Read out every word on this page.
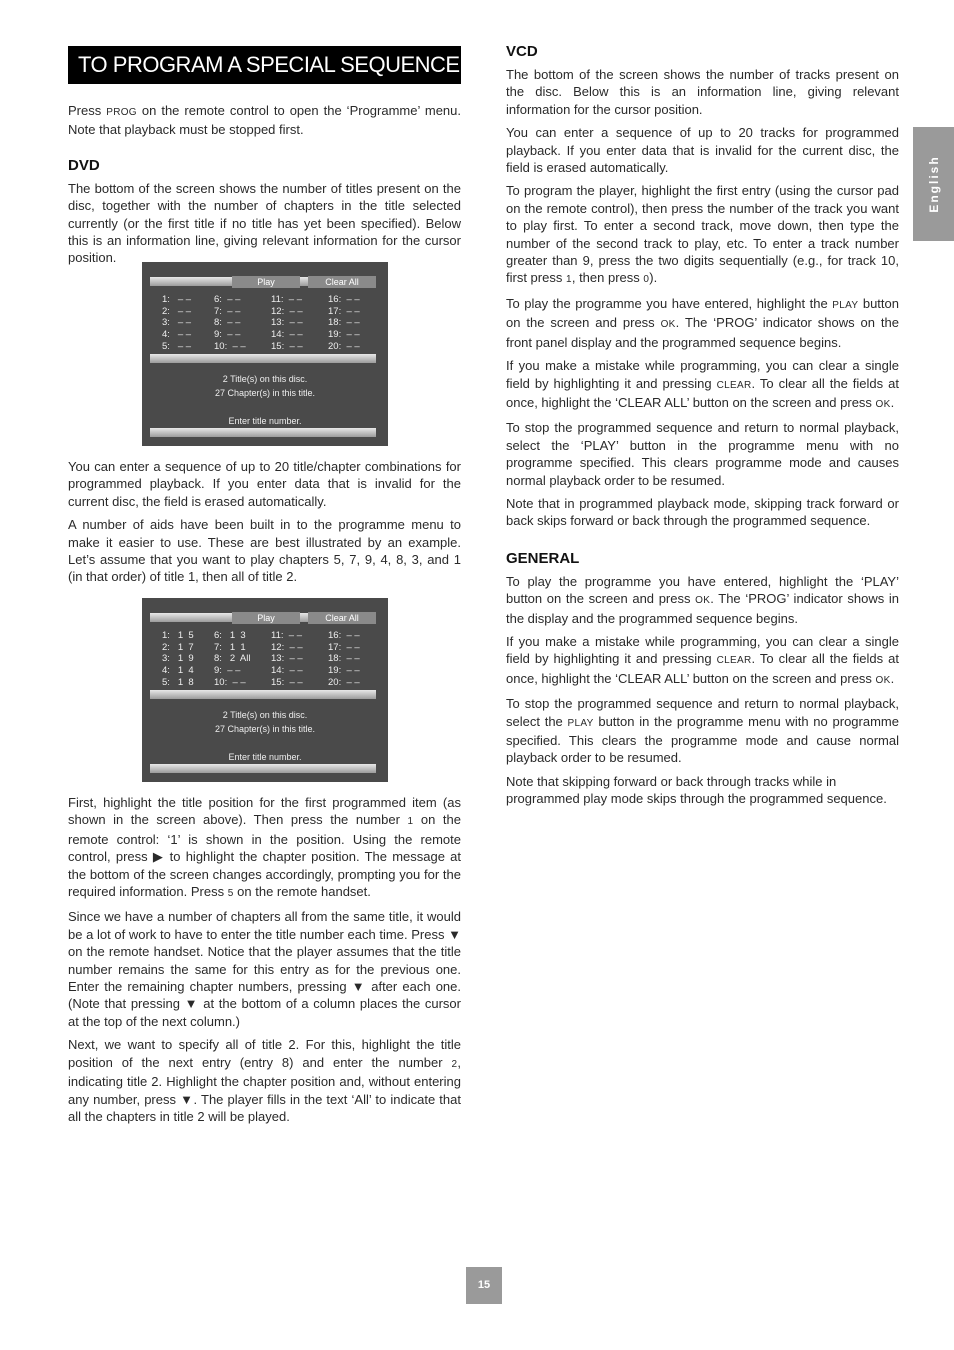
TO PROGRAM A SPECIAL SEQUENCE

Press PROG on the remote control to open the ‘Programme’ menu. Note that playback must be stopped first.

DVD

The bottom of the screen shows the number of titles present on the disc, together with the number of chapters in the title selected currently (or the first title if no title has yet been specified). Below this is an information line, giving relevant information for the cursor position.

Play	Clear All
1:   – –
2:   – –
3:   – –
4:   – –
5:   – –
6:  – –
7:  – –
8:  – –
9:  – –
10:  – –
11:  – –
12:  – –
13:  – –
14:  – –
15:  – –
16:  – –
17:  – –
18:  – –
19:  – –
20:  – –
2 Title(s) on this disc.
27 Chapter(s) in this title.
Enter title number.

You can enter a sequence of up to 20 title/chapter combinations for programmed playback. If you enter data that is invalid for the current disc, the field is erased automatically.

A number of aids have been built in to the programme menu to make it easier to use. These are best illustrated by an example. Let’s assume that you want to play chapters 5, 7, 9, 4, 8, 3, and 1 (in that order) of title 1, then all of title 2.

Play	Clear All
1:   1  5
2:   1  7
3:   1  9
4:   1  4
5:   1  8
6:   1  3
7:   1  1
8:   2  All
9:  – –
10:  – –
11:  – –
12:  – –
13:  – –
14:  – –
15:  – –
16:  – –
17:  – –
18:  – –
19:  – –
20:  – –
2 Title(s) on this disc.
27 Chapter(s) in this title.
Enter title number.

First, highlight the title position for the first programmed item (as shown in the screen above). Then press the number 1 on the remote control: ‘1’ is shown in the position. Using the remote control, press ▶ to highlight the chapter position. The message at the bottom of the screen changes accordingly, prompting you for the required information. Press 5 on the remote handset.

Since we have a number of chapters all from the same title, it would be a lot of work to have to enter the title number each time. Press ▼ on the remote handset. Notice that the player assumes that the title number remains the same for this entry as for the previous one. Enter the remaining chapter numbers, pressing ▼ after each one. (Note that pressing ▼ at the bottom of a column places the cursor at the top of the next column.)

Next, we want to specify all of title 2. For this, highlight the title position of the next entry (entry 8) and enter the number 2, indicating title 2. Highlight the chapter position and, without entering any number, press ▼. The player fills in the text ‘All’ to indicate that all the chapters in title 2 will be played.

VCD

The bottom of the screen shows the number of tracks present on the disc. Below this is an information line, giving relevant information for the cursor position.

You can enter a sequence of up to 20 tracks for programmed playback. If you enter data that is invalid for the current disc, the field is erased automatically.

To program the player, highlight the first entry (using the cursor pad on the remote control), then press the number of the track you want to play first. To enter a second track, move down, then type the number of the second track to play, etc. To enter a track number greater than 9, press the two digits sequentially (e.g., for track 10, first press 1, then press 0).

To play the programme you have entered, highlight the PLAY button on the screen and press OK. The ‘PROG’ indicator shows on the front panel display and the programmed sequence begins.

If you make a mistake while programming, you can clear a single field by highlighting it and pressing CLEAR. To clear all the fields at once, highlight the ‘CLEAR ALL’ button on the screen and press OK.

To stop the programmed sequence and return to normal playback, select the ‘PLAY’ button in the programme menu with no programme specified. This clears programme mode and causes normal playback order to be resumed.

Note that in programmed playback mode, skipping track forward or back skips forward or back through the programmed sequence.

GENERAL

To play the programme you have entered, highlight the ‘PLAY’ button on the screen and press OK. The ‘PROG’ indicator shows in the display and the programmed sequence begins.

If you make a mistake while programming, you can clear a single field by highlighting it and pressing CLEAR. To clear all the fields at once, highlight the ‘CLEAR ALL’ button on the screen and press OK.

To stop the programmed sequence and return to normal playback, select the PLAY button in the programme menu with no programme specified. This clears the programme mode and cause normal playback order to be resumed.

Note that skipping forward or back through tracks while in programmed play mode skips through the programmed sequence.

English
15
